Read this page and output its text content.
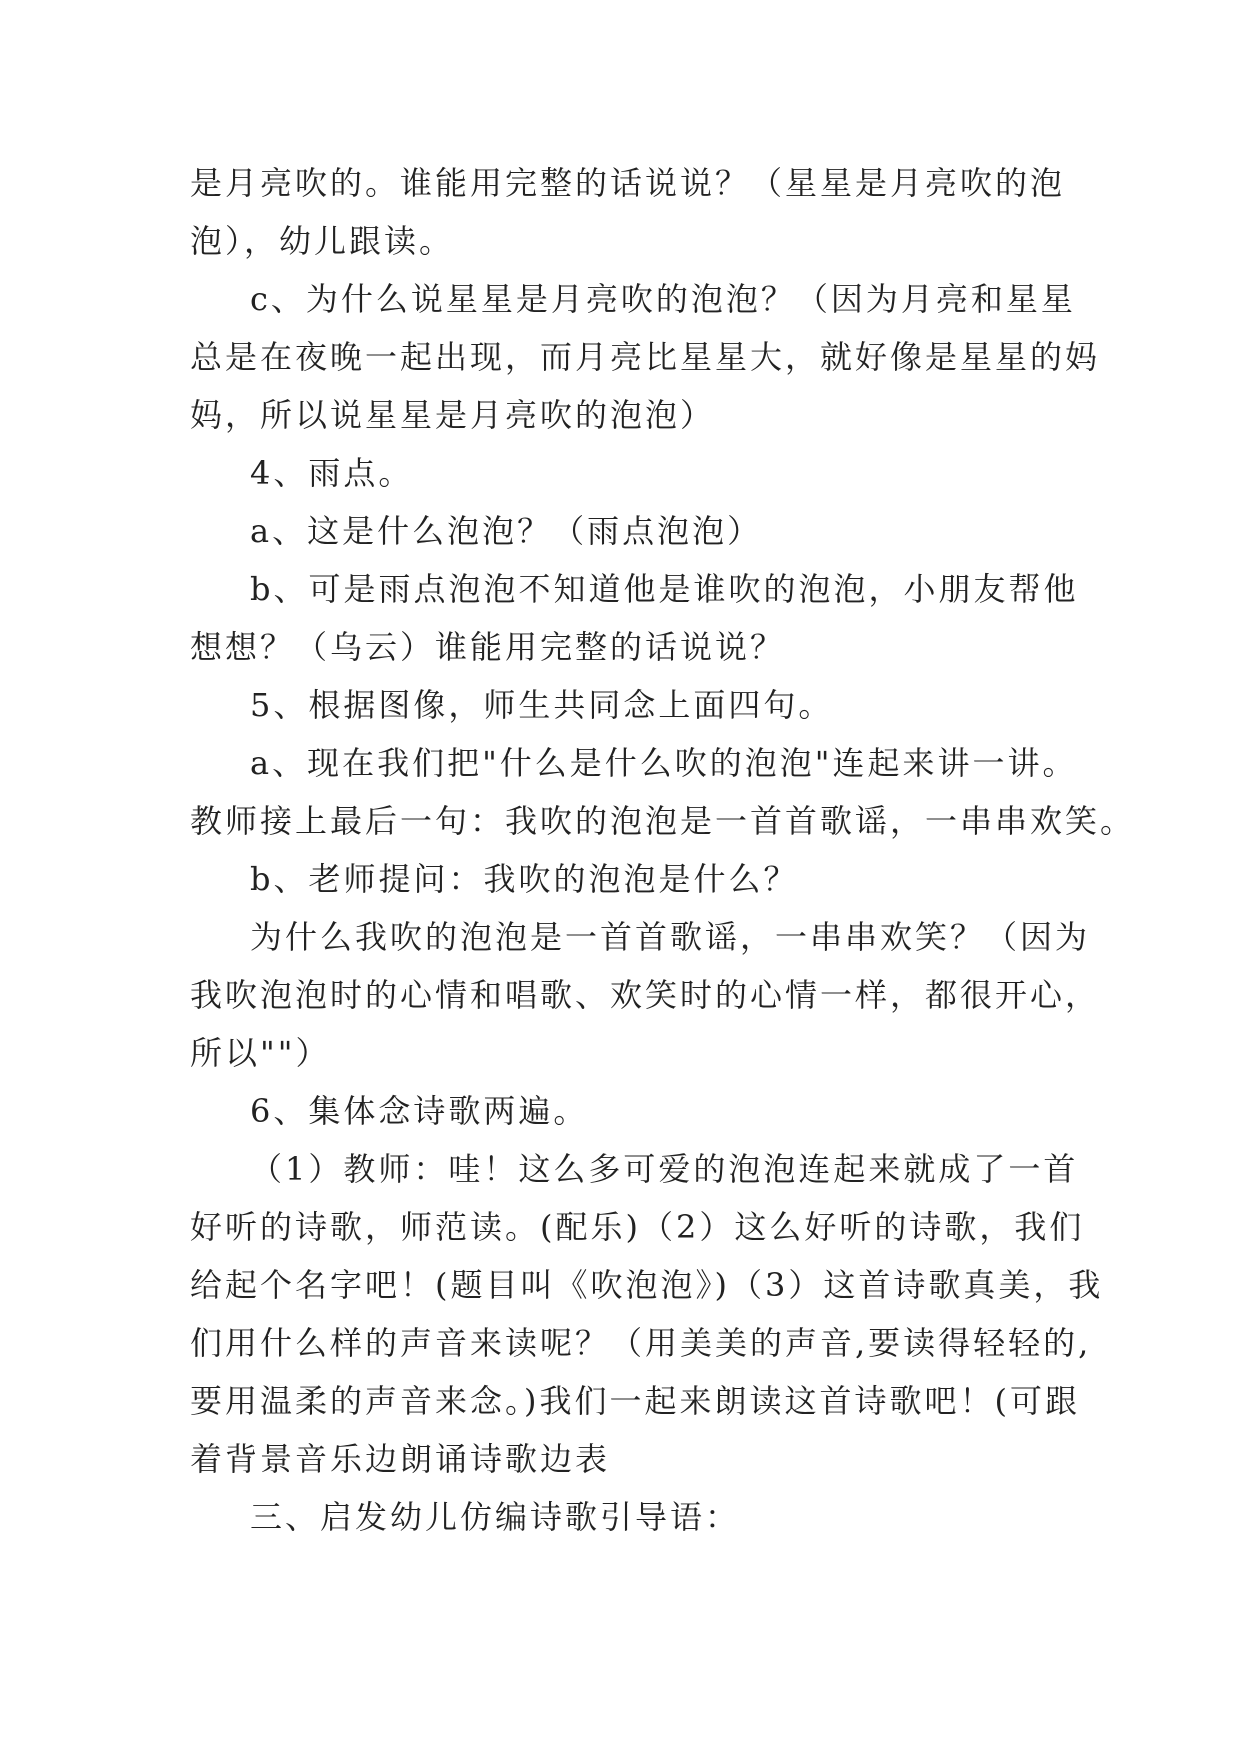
是月亮吹的。谁能用完整的话说说？（星星是月亮吹的泡
泡），幼儿跟读。

c、为什么说星星是月亮吹的泡泡？（因为月亮和星星
总是在夜晚一起出现，而月亮比星星大，就好像是星星的妈
妈，所以说星星是月亮吹的泡泡）

4、雨点。

a、这是什么泡泡？（雨点泡泡）

b、可是雨点泡泡不知道他是谁吹的泡泡，小朋友帮他
想想？（乌云）谁能用完整的话说说？

5、根据图像，师生共同念上面四句。

a、现在我们把"什么是什么吹的泡泡"连起来讲一讲。
教师接上最后一句：我吹的泡泡是一首首歌谣，一串串欢笑。

b、老师提问：我吹的泡泡是什么？

为什么我吹的泡泡是一首首歌谣，一串串欢笑？（因为
我吹泡泡时的心情和唱歌、欢笑时的心情一样，都很开心，
所以""）

6、集体念诗歌两遍。

（1）教师：哇！这么多可爱的泡泡连起来就成了一首
好听的诗歌，师范读。(配乐)（2）这么好听的诗歌，我们
给起个名字吧！(题目叫《吹泡泡》)（3）这首诗歌真美，我
们用什么样的声音来读呢？（用美美的声音,要读得轻轻的,
要用温柔的声音来念。)我们一起来朗读这首诗歌吧！(可跟
着背景音乐边朗诵诗歌边表

三、启发幼儿仿编诗歌引导语：
